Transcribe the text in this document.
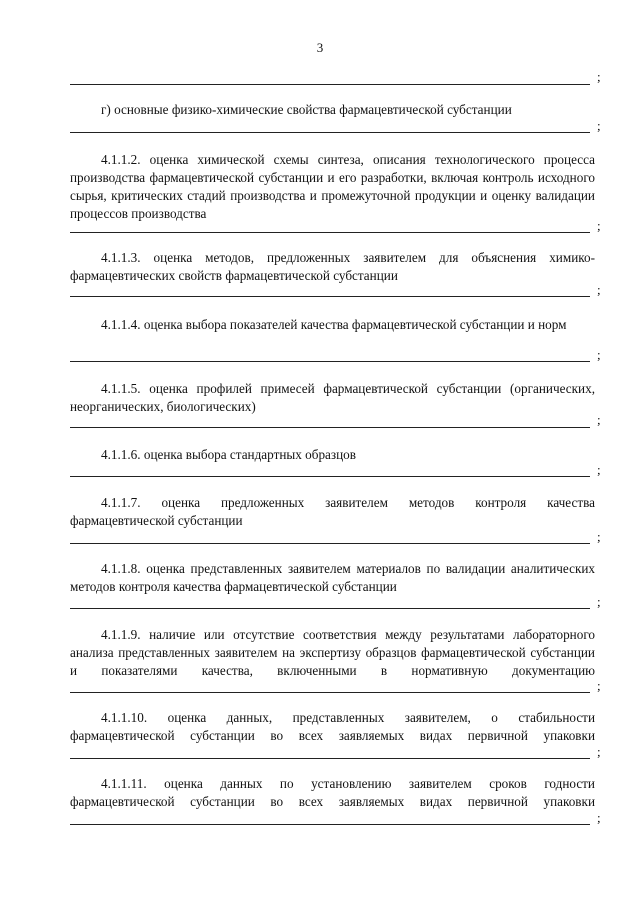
3
;
г) основные физико-химические свойства фармацевтической субстанции
;
4.1.1.2. оценка химической схемы синтеза, описания технологического процесса производства фармацевтической субстанции и его разработки, включая контроль исходного сырья, критических стадий производства и промежуточной продукции и оценку валидации процессов производства
;
4.1.1.3. оценка методов, предложенных заявителем для объяснения химико-фармацевтических свойств фармацевтической субстанции
;
4.1.1.4. оценка выбора показателей качества фармацевтической субстанции и норм
;
4.1.1.5. оценка профилей примесей фармацевтической субстанции (органических, неорганических, биологических)
;
4.1.1.6. оценка выбора стандартных образцов
;
4.1.1.7. оценка предложенных заявителем методов контроля качества фармацевтической субстанции
;
4.1.1.8. оценка представленных заявителем материалов по валидации аналитических методов контроля качества фармацевтической субстанции
;
4.1.1.9. наличие или отсутствие соответствия между результатами лабораторного анализа представленных заявителем на экспертизу образцов фармацевтической субстанции и показателями качества, включенными в нормативную документацию
;
4.1.1.10. оценка данных, представленных заявителем, о стабильности фармацевтической субстанции во всех заявляемых видах первичной упаковки
;
4.1.1.11. оценка данных по установлению заявителем сроков годности фармацевтической субстанции во всех заявляемых видах первичной упаковки
;
